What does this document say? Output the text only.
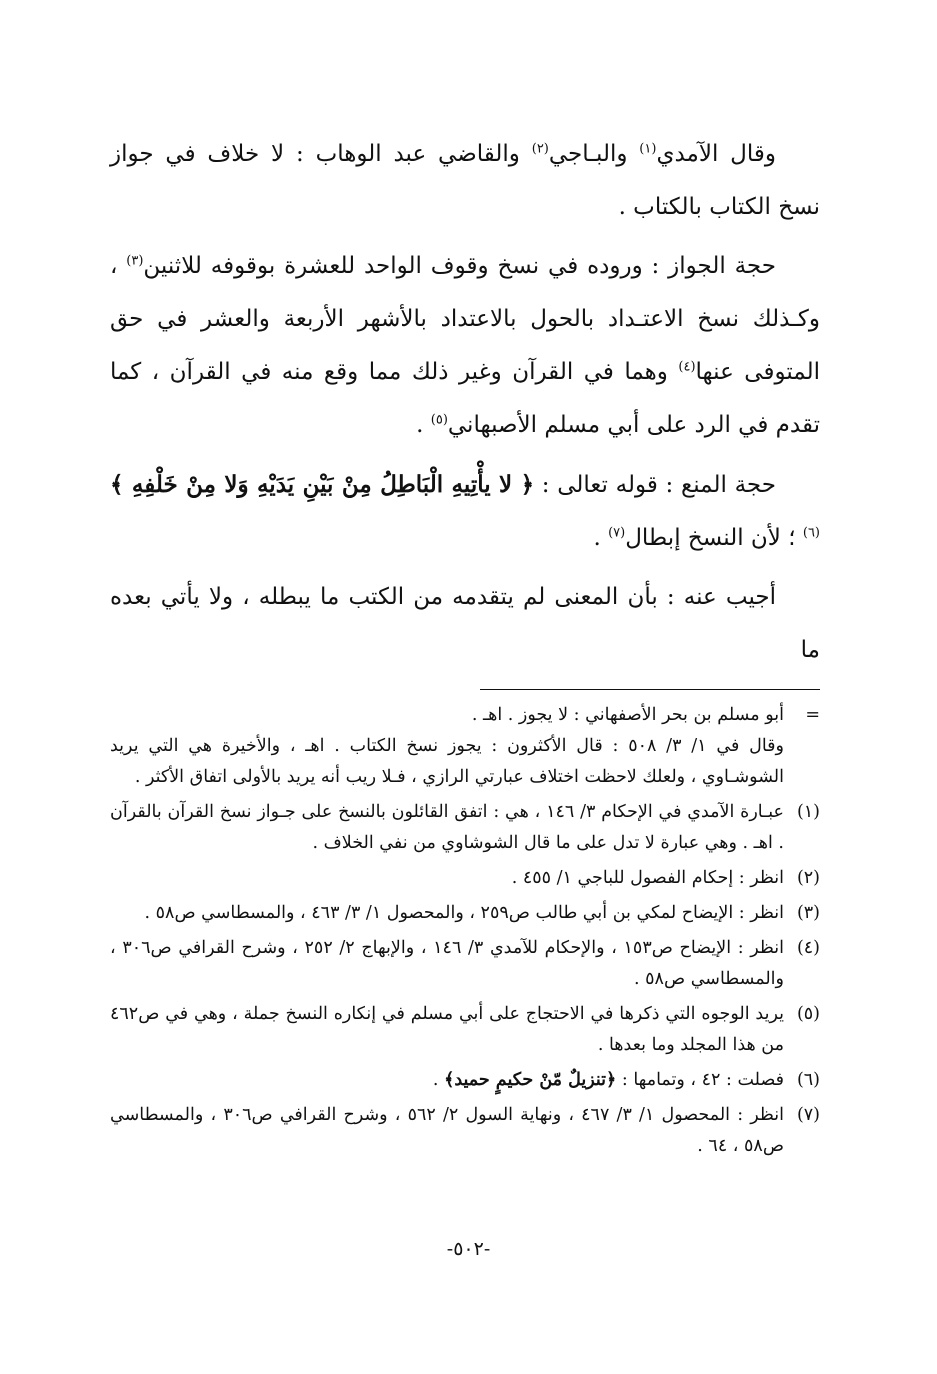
وقال الآمدي$^{(١)}$ والبـاجي$^{(٢)}$ والقاضي عبد الوهاب : لا خلاف في جواز نسخ الكتاب بالكتاب .

حجة الجواز : وروده في نسخ وقوف الواحد للعشرة بوقوفه للاثنين$^{(٣)}$ ، وكـذلك نسخ الاعتـداد بالحول بالاعتداد بالأشهر الأربعة والعشر في حق المتوفى عنها$^{(٤)}$ وهما في القرآن وغير ذلك مما وقع منه في القرآن ، كما تقدم في الرد على أبي مسلم الأصبهاني$^{(٥)}$ .

حجة المنع : قوله تعالى : ﴿ لا يأْتِيهِ الْبَاطِلُ مِنْ بَيْنِ يَدَيْهِ وَلا مِنْ خَلْفِهِ ﴾$^{(٦)}$ ؛ لأن النسخ إبطال$^{(٧)}$ .

أجيب عنه : بأن المعنى لم يتقدمه من الكتب ما يبطله ، ولا يأتي بعده ما

=
أبو مسلم بن بحر الأصفهاني : لا يجوز . اهـ .
وقال في ١/ ٣/ ٥٠٨ : قال الأكثرون : يجوز نسخ الكتاب . اهـ ، والأخيرة هي التي يريد الشوشـاوي ، ولعلك لاحظت اختلاف عبارتي الرازي ، فـلا ريب أنه يريد بالأولى اتفاق الأكثر .
(١)
عبـارة الآمدي في الإحكام ٣/ ١٤٦ ، هي : اتفق القائلون بالنسخ على جـواز نسخ القرآن بالقرآن . اهـ . وهي عبارة لا تدل على ما قال الشوشاوي من نفي الخلاف .
(٢)
انظر : إحكام الفصول للباجي ١/ ٤٥٥ .
(٣)
انظر : الإيضاح لمكي بن أبي طالب ص٢٥٩ ، والمحصول ١/ ٣/ ٤٦٣ ، والمسطاسي ص٥٨ .
(٤)
انظر : الإيضاح ص١٥٣ ، والإحكام للآمدي ٣/ ١٤٦ ، والإبهاج ٢/ ٢٥٢ ، وشرح القرافي ص٣٠٦ ، والمسطاسي ص٥٨ .
(٥)
يريد الوجوه التي ذكرها في الاحتجاج على أبي مسلم في إنكاره النسخ جملة ، وهي في ص٤٦٢ من هذا المجلد وما بعدها .
(٦)
فصلت : ٤٢ ، وتمامها : ﴿تنزيلٌ مّنْ حكيمٍ حميد﴾ .
(٧)
انظر : المحصول ١/ ٣/ ٤٦٧ ، ونهاية السول ٢/ ٥٦٢ ، وشرح القرافي ص٣٠٦ ، والمسطاسي ص٥٨ ، ٦٤ .
-٥٠٢-
